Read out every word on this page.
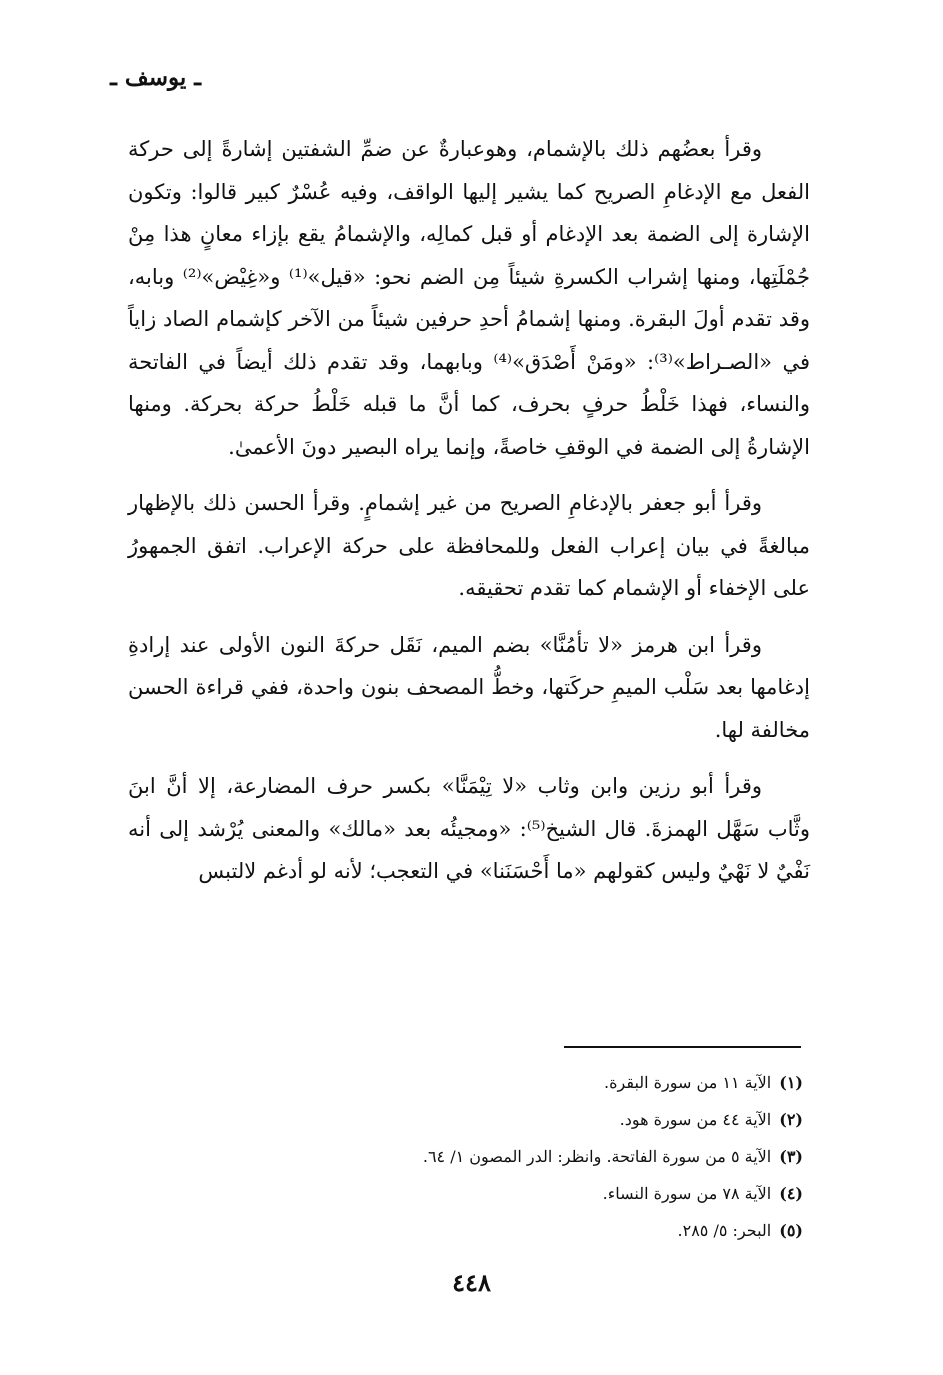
ـ يوسف ـ

وقرأ بعضُهم ذلك بالإشمام، وهوعبارةٌ عن ضمِّ الشفتين إشارةً إلى حركة الفعل مع الإدغامِ الصريح كما يشير إليها الواقف، وفيه عُسْرٌ كبير قالوا: وتكون الإشارة إلى الضمة بعد الإدغام أو قبل كمالِه، والإشمامُ يقع بإزاء معانٍ هذا مِنْ جُمْلَتِها، ومنها إشراب الكسرةِ شيئاً مِن الضم نحو: «قيل»⁽¹⁾ و«غِيْض»⁽²⁾ وبابه، وقد تقدم أولَ البقرة. ومنها إشمامُ أحدِ حرفين شيئاً من الآخر كإشمام الصاد زاياً في «الصـراط»⁽³⁾: «ومَنْ أَصْدَق»⁽⁴⁾ وبابهما، وقد تقدم ذلك أيضاً في الفاتحة والنساء، فهذا خَلْطُ حرفٍ بحرف، كما أنَّ ما قبله خَلْطُ حركة بحركة. ومنها الإشارةُ إلى الضمة في الوقفِ خاصةً، وإنما يراه البصير دونَ الأعمىٰ.

وقرأ أبو جعفر بالإدغامِ الصريح من غير إشمامٍ. وقرأ الحسن ذلك بالإظهار مبالغةً في بيان إعراب الفعل وللمحافظة على حركة الإعراب. اتفق الجمهورُ على الإخفاء أو الإشمام كما تقدم تحقيقه.

وقرأ ابن هرمز «لا تأمُنَّا» بضم الميم، نَقَل حركةَ النون الأولى عند إرادةِ إدغامها بعد سَلْب الميمِ حركَتها، وخطُّ المصحف بنون واحدة، ففي قراءة الحسن مخالفة لها.

وقرأ أبو رزين وابن وثاب «لا تِيْمَنَّا» بكسر حرف المضارعة، إلا أنَّ ابنَ وثَّاب سَهَّل الهمزةَ. قال الشيخ⁽⁵⁾: «ومجيئُه بعد «مالك» والمعنى يُرْشد إلى أنه نَفْيٌ لا نَهْيٌ وليس كقولهم «ما أَحْسَنَنا» في التعجب؛ لأنه لو أدغم لالتبس

(١)الآية ١١ من سورة البقرة.
(٢)الآية ٤٤ من سورة هود.
(٣)الآية ٥ من سورة الفاتحة. وانظر: الدر المصون ١/ ٦٤.
(٤)الآية ٧٨ من سورة النساء.
(٥)البحر: ٥/ ٢٨٥.
٤٤٨
